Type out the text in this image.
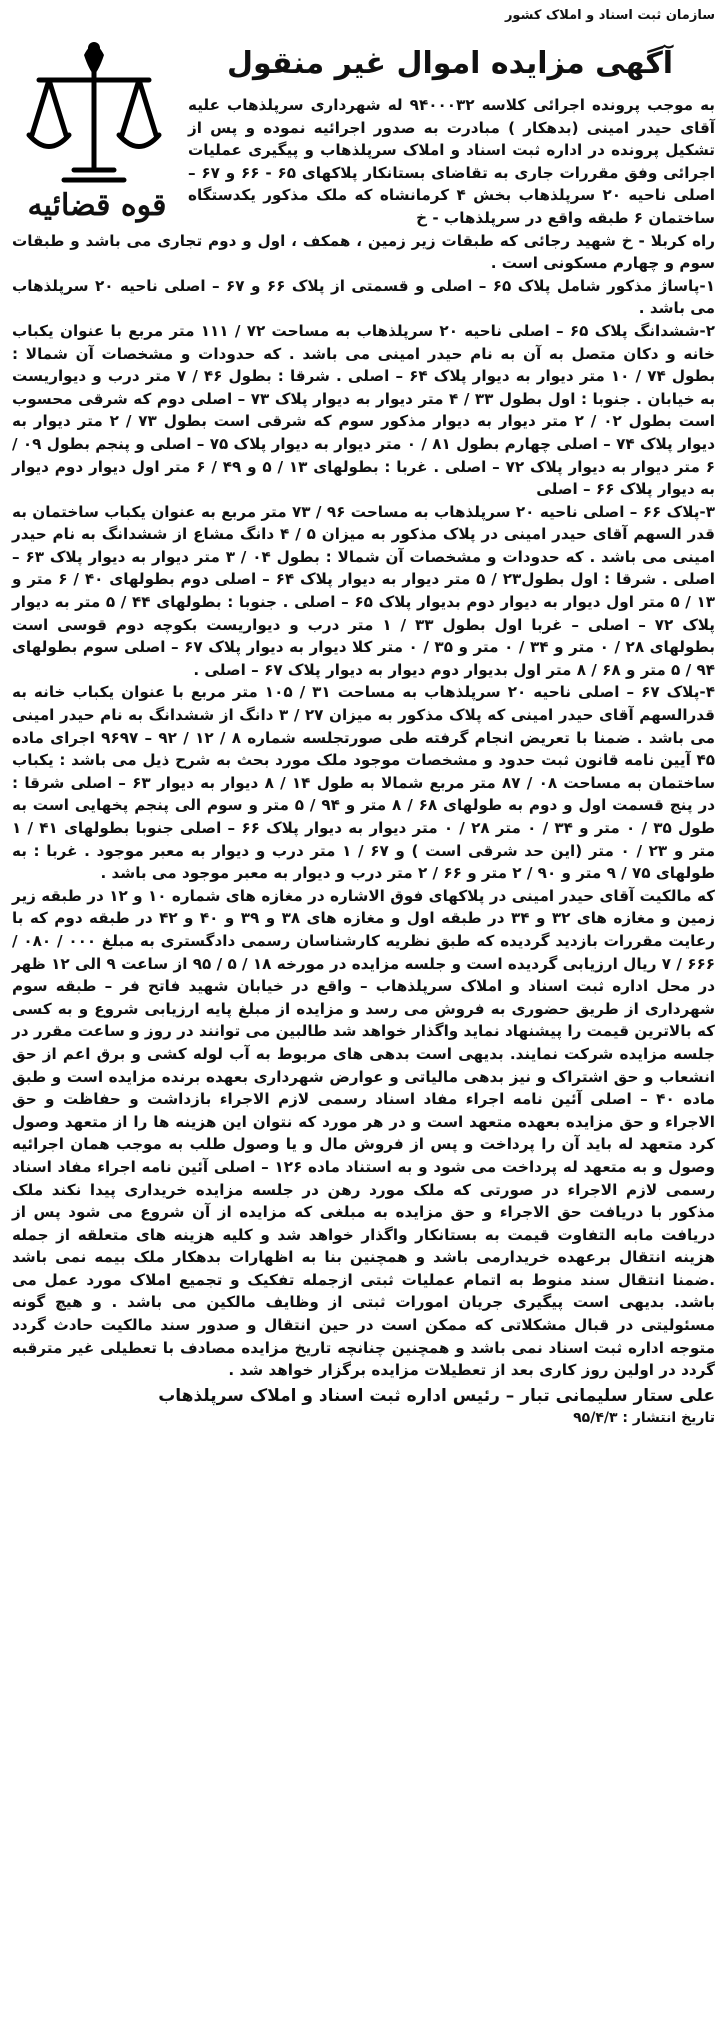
سازمان ثبت اسناد و املاک کشور
قوه قضائیه
آگهی مزایده اموال غیر منقول

به موجب پرونده اجرائی کلاسه ۹۴۰۰۰۳۲ له شهرداری سرپلذهاب علیه آقای حیدر امینی (بدهکار ) مبادرت به صدور اجرائیه نموده و پس از تشکیل پرونده در اداره ثبت اسناد و املاک سرپلذهاب و پیگیری عملیات اجرائی وفق مقررات جاری به تقاضای بستانکار پلاکهای ۶۵ - ۶۶ و ۶۷ – اصلی ناحیه ۲۰ سرپلذهاب بخش ۴ کرمانشاه که ملک مذکور یکدستگاه ساختمان ۶ طبقه واقع در سرپلذهاب - خ

راه کربلا - خ شهید رجائی که طبقات زیر زمین ، همکف ، اول و دوم تجاری می باشد و طبقات سوم و چهارم مسکونی است .

۱-پاساژ مذکور شامل پلاک ۶۵ – اصلی و قسمتی از پلاک ۶۶ و ۶۷ – اصلی ناحیه ۲۰ سرپلذهاب می باشد .

۲-ششدانگ پلاک ۶۵ – اصلی ناحیه ۲۰ سرپلذهاب به مساحت ۷۲ / ۱۱۱ متر مربع با عنوان یکباب خانه و دکان متصل به آن به نام حیدر امینی می باشد . که حدودات و مشخصات آن شمالا : بطول ۷۴ / ۱۰ متر دیوار به دیوار پلاک ۶۴ – اصلی . شرقا : بطول ۴۶ / ۷ متر درب و دیواریست به خیابان . جنوبا : اول بطول ۳۳ / ۴ متر دیوار به دیوار پلاک ۷۳ – اصلی دوم که شرقی محسوب است بطول ۰۲ / ۲ متر دیوار به دیوار مذکور سوم که شرقی است بطول ۷۳ / ۲ متر دیوار به دیوار پلاک ۷۴ – اصلی چهارم بطول ۸۱ / ۰ متر دیوار به دیوار پلاک ۷۵ – اصلی و پنجم بطول ۰۹ / ۶ متر دیوار به دیوار پلاک ۷۲ – اصلی . غربا : بطولهای ۱۳ / ۵ و ۴۹ / ۶ متر اول دیوار دوم دیوار به دیوار پلاک ۶۶ – اصلی

۳-پلاک ۶۶ – اصلی ناحیه ۲۰ سرپلذهاب به مساحت ۹۶ / ۷۳ متر مربع به عنوان یکباب ساختمان به قدر السهم آقای حیدر امینی در پلاک مذکور به میزان ۵ / ۴ دانگ مشاع از ششدانگ به نام حیدر امینی می باشد . که حدودات و مشخصات آن شمالا : بطول ۰۴ / ۳ متر دیوار به دیوار پلاک ۶۳ – اصلی . شرقا : اول بطول۲۳ / ۵ متر دیوار به دیوار پلاک ۶۴ – اصلی دوم بطولهای ۴۰ / ۶ متر و ۱۳ / ۵ متر اول دیوار به دیوار دوم بدیوار پلاک ۶۵ – اصلی . جنوبا : بطولهای ۴۴ / ۵ متر به دیوار پلاک ۷۲ – اصلی – غربا اول بطول ۳۳ / ۱ متر درب و دیواریست بکوچه دوم قوسی است بطولهای ۲۸ / ۰ متر و ۳۴ / ۰ متر و ۳۵ / ۰ متر کلا دیوار به دیوار پلاک ۶۷ – اصلی سوم بطولهای ۹۴ / ۵ متر و ۶۸ / ۸ متر اول بدیوار دوم دیوار به دیوار پلاک ۶۷ – اصلی .

۴-پلاک ۶۷ – اصلی ناحیه ۲۰ سرپلذهاب به مساحت ۳۱ / ۱۰۵ متر مربع با عنوان یکباب خانه به قدرالسهم آقای حیدر امینی که پلاک مذکور به میزان ۲۷ / ۳ دانگ از ششدانگ به نام حیدر امینی می باشد . ضمنا با تعریض انجام گرفته طی صورتجلسه شماره ۸ / ۱۲ / ۹۲ – ۹۶۹۷ اجرای ماده ۴۵ آیین نامه قانون ثبت حدود و مشخصات موجود ملک مورد بحث به شرح ذیل می باشد : یکباب ساختمان به مساحت ۰۸ / ۸۷ متر مربع شمالا به طول ۱۴ / ۸ دیوار به دیوار ۶۳ – اصلی شرقا : در پنج قسمت اول و دوم به طولهای ۶۸ / ۸ متر و ۹۴ / ۵ متر و سوم الی پنجم پخهایی است به طول ۳۵ / ۰ متر و ۳۴ / ۰ متر ۲۸ / ۰ متر دیوار به دیوار پلاک ۶۶ – اصلی جنوبا بطولهای ۴۱ / ۱ متر و ۲۳ / ۰ متر (این حد شرقی است ) و ۶۷ / ۱ متر درب و دیوار به معبر موجود . غربا : به طولهای ۷۵ / ۹ متر و ۹۰ / ۲ متر و ۶۶ / ۲ متر درب و دیوار به معبر موجود می باشد .

که مالکیت آقای حیدر امینی در پلاکهای فوق الاشاره در مغازه های شماره ۱۰ و ۱۲ در طبقه زیر زمین و مغازه های ۳۲ و ۳۴ در طبقه اول و مغازه های ۳۸ و ۳۹ و ۴۰ و ۴۲ در طبقه دوم که با رعایت مقررات بازدید گردیده که طبق نظریه کارشناسان رسمی دادگستری به مبلغ ۰۰۰ / ۰۸۰ / ۶۶۶ / ۷ ریال ارزیابی گردیده است و جلسه مزایده در مورخه ۱۸ / ۵ / ۹۵ از ساعت ۹ الی ۱۲ ظهر در محل اداره ثبت اسناد و املاک سرپلذهاب – واقع در خیابان شهید فاتح فر – طبقه سوم شهرداری از طریق حضوری به فروش می رسد و مزایده از مبلغ پایه ارزیابی شروع و به کسی که بالاترین قیمت را پیشنهاد نماید واگذار خواهد شد طالبین می توانند در روز و ساعت مقرر در جلسه مزایده شرکت نمایند. بدیهی است بدهی های مربوط به آب لوله کشی و برق اعم از حق انشعاب و حق اشتراک و نیز بدهی مالیاتی و عوارض شهرداری بعهده برنده مزایده است و طبق ماده ۴۰ – اصلی آئین نامه اجراء مفاد اسناد رسمی لازم الاجراء بازداشت و حفاظت و حق الاجراء و حق مزایده بعهده متعهد است و در هر مورد که نتوان این هزینه ها را از متعهد وصول کرد متعهد له باید آن را پرداخت و پس از فروش مال و یا وصول طلب به موجب همان اجرائیه وصول و به متعهد له پرداخت می شود و به استناد ماده ۱۲۶ – اصلی آئین نامه اجراء مفاد اسناد رسمی لازم الاجراء در صورتی که ملک مورد رهن در جلسه مزایده خریداری پیدا نکند ملک مذکور با دریافت حق الاجراء و حق مزایده به مبلغی که مزایده از آن شروع می شود پس از دریافت مابه التفاوت قیمت به بستانکار واگذار خواهد شد و کلیه هزینه های متعلقه از جمله هزینه انتقال برعهده خریدارمی باشد و همچنین بنا به اظهارات بدهکار ملک بیمه نمی باشد .ضمنا انتقال سند منوط به اتمام عملیات ثبتی ازجمله تفکیک و تجمیع املاک مورد عمل می باشد. بدیهی است پیگیری جریان امورات ثبتی از وظایف مالکین می باشد . و هیچ گونه مسئولیتی در قبال مشکلاتی که ممکن است در حین انتقال و صدور سند مالکیت حادث گردد متوجه اداره ثبت اسناد نمی باشد و همچنین چنانچه تاریخ مزایده مصادف با تعطیلی غیر مترقبه گردد در اولین روز کاری بعد از تعطیلات مزایده برگزار خواهد شد .

علی ستار سلیمانی تبار – رئیس اداره ثبت اسناد و املاک سرپلذهاب
تاریخ انتشار : ۹۵/۴/۳
